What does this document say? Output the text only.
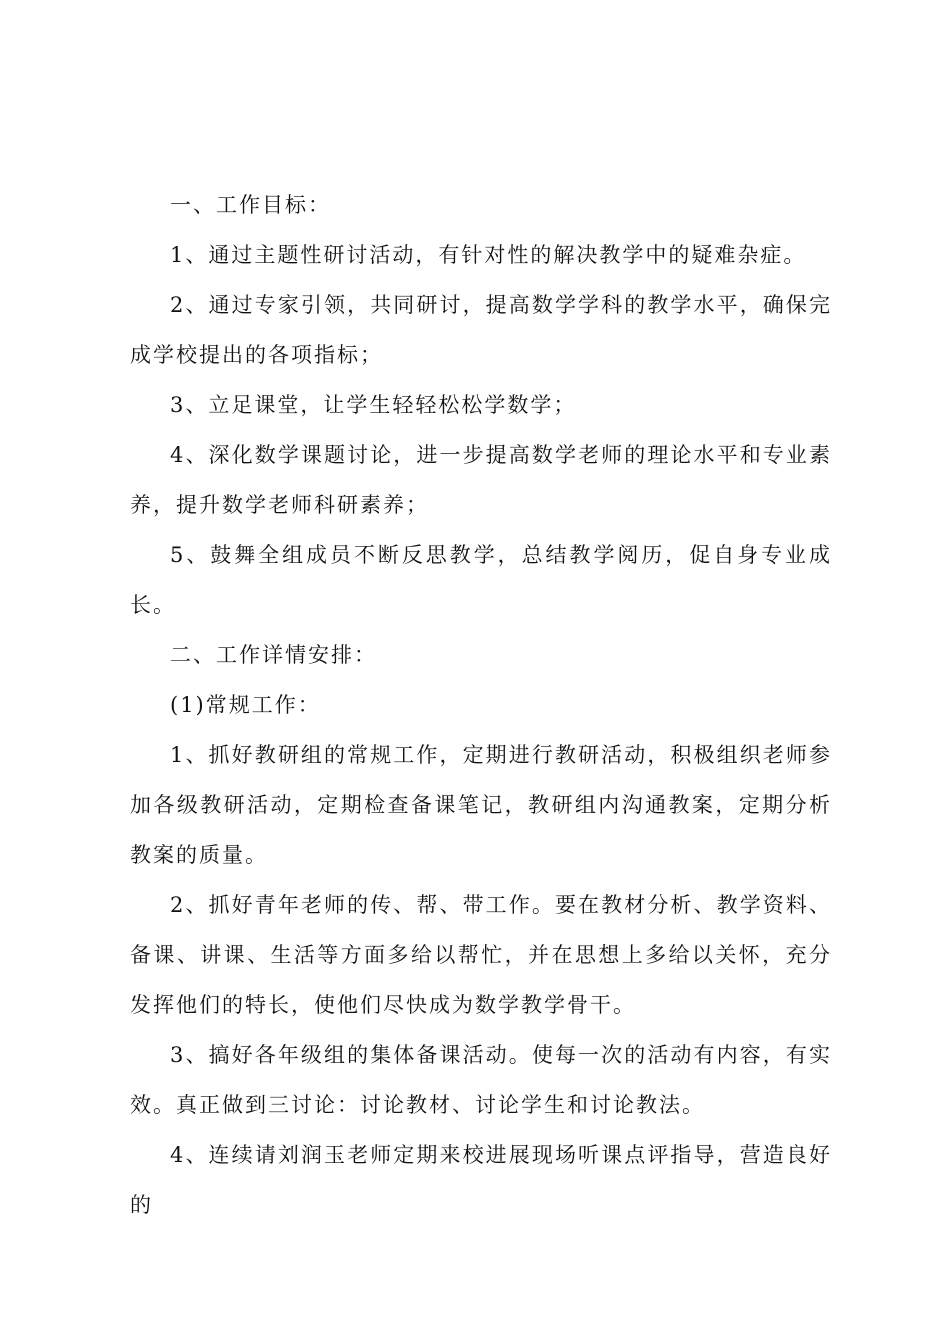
一、工作目标：

1、通过主题性研讨活动，有针对性的解决教学中的疑难杂症。

2、通过专家引领，共同研讨，提高数学学科的教学水平，确保完成学校提出的各项指标；

3、立足课堂，让学生轻轻松松学数学；

4、深化数学课题讨论，进一步提高数学老师的理论水平和专业素养，提升数学老师科研素养；

5、鼓舞全组成员不断反思教学，总结教学阅历，促自身专业成长。

二、工作详情安排：

(1)常规工作：

1、抓好教研组的常规工作，定期进行教研活动，积极组织老师参加各级教研活动，定期检查备课笔记，教研组内沟通教案，定期分析教案的质量。

2、抓好青年老师的传、帮、带工作。要在教材分析、教学资料、备课、讲课、生活等方面多给以帮忙，并在思想上多给以关怀，充分发挥他们的特长，使他们尽快成为数学教学骨干。

3、搞好各年级组的集体备课活动。使每一次的活动有内容，有实效。真正做到三讨论：讨论教材、讨论学生和讨论教法。

4、连续请刘润玉老师定期来校进展现场听课点评指导，营造良好的
